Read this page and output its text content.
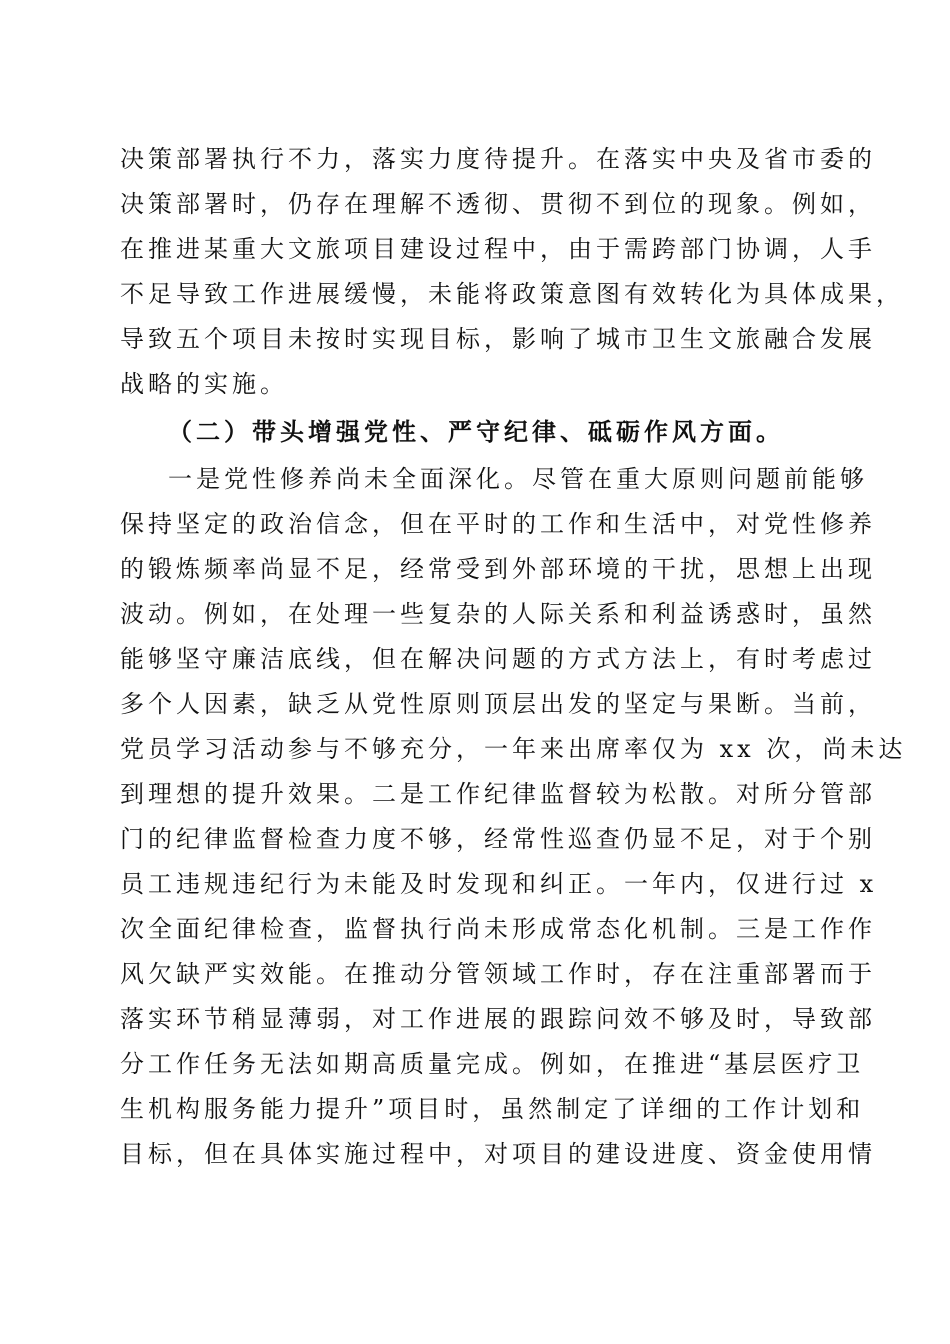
决策部署执行不力，落实力度待提升。在落实中央及省市委的
决策部署时，仍存在理解不透彻、贯彻不到位的现象。例如，
在推进某重大文旅项目建设过程中，由于需跨部门协调，人手
不足导致工作进展缓慢，未能将政策意图有效转化为具体成果，
导致五个项目未按时实现目标，影响了城市卫生文旅融合发展
战略的实施。
（二）带头增强党性、严守纪律、砥砺作风方面。
一是党性修养尚未全面深化。尽管在重大原则问题前能够
保持坚定的政治信念，但在平时的工作和生活中，对党性修养
的锻炼频率尚显不足，经常受到外部环境的干扰，思想上出现
波动。例如，在处理一些复杂的人际关系和利益诱惑时，虽然
能够坚守廉洁底线，但在解决问题的方式方法上，有时考虑过
多个人因素，缺乏从党性原则顶层出发的坚定与果断。当前，
党员学习活动参与不够充分，一年来出席率仅为 xx 次，尚未达
到理想的提升效果。二是工作纪律监督较为松散。对所分管部
门的纪律监督检查力度不够，经常性巡查仍显不足，对于个别
员工违规违纪行为未能及时发现和纠正。一年内，仅进行过 x
次全面纪律检查，监督执行尚未形成常态化机制。三是工作作
风欠缺严实效能。在推动分管领域工作时，存在注重部署而于
落实环节稍显薄弱，对工作进展的跟踪问效不够及时，导致部
分工作任务无法如期高质量完成。例如，在推进“基层医疗卫
生机构服务能力提升”项目时，虽然制定了详细的工作计划和
目标，但在具体实施过程中，对项目的建设进度、资金使用情
